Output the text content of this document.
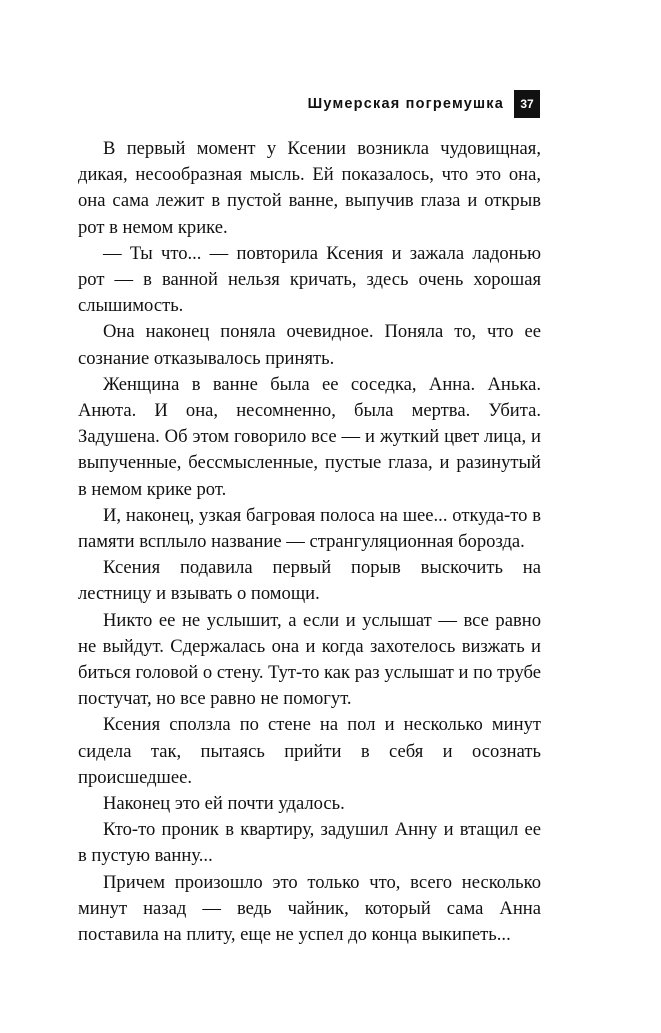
Шумерская погремушка	37

В первый момент у Ксении возникла чудовищная, дикая, несообразная мысль. Ей показалось, что это она, она сама лежит в пустой ванне, выпучив глаза и открыв рот в немом крике.

— Ты что... — повторила Ксения и зажала ладонью рот — в ванной нельзя кричать, здесь очень хорошая слышимость.

Она наконец поняла очевидное. Поняла то, что ее сознание отказывалось принять.

Женщина в ванне была ее соседка, Анна. Анька. Анюта. И она, несомненно, была мертва. Убита. Задушена. Об этом говорило все — и жуткий цвет лица, и выпученные, бессмысленные, пустые глаза, и разинутый в немом крике рот.

И, наконец, узкая багровая полоса на шее... откуда-то в памяти всплыло название — странгуляционная борозда.

Ксения подавила первый порыв выскочить на лестницу и взывать о помощи.

Никто ее не услышит, а если и услышат — все равно не выйдут. Сдержалась она и когда захотелось визжать и биться головой о стену. Тут-то как раз услышат и по трубе постучат, но все равно не помогут.

Ксения сползла по стене на пол и несколько минут сидела так, пытаясь прийти в себя и осознать происшедшее.

Наконец это ей почти удалось.

Кто-то проник в квартиру, задушил Анну и втащил ее в пустую ванну...

Причем произошло это только что, всего несколько минут назад — ведь чайник, который сама Анна поставила на плиту, еще не успел до конца выкипеть...
